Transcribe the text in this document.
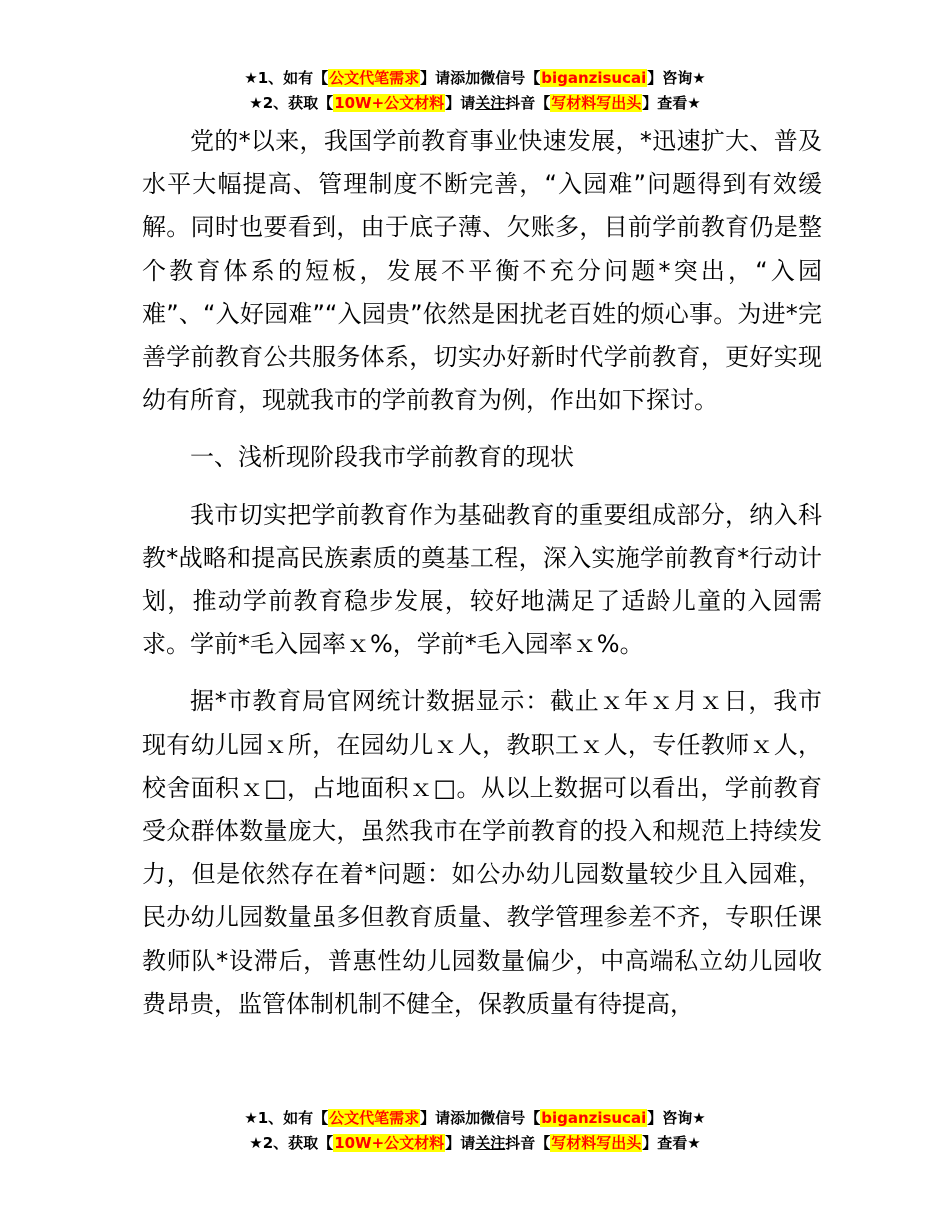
★1、如有【公文代笔需求】请添加微信号【biganzisucai】咨询★
★2、获取【10W+公文材料】请关注抖音【写材料写出头】查看★

党的*以来，我国学前教育事业快速发展，*迅速扩大、普及水平大幅提高、管理制度不断完善，“入园难”问题得到有效缓解。同时也要看到，由于底子薄、欠账多，目前学前教育仍是整个教育体系的短板，发展不平衡不充分问题*突出，“入园难”、“入好园难”“入园贵”依然是困扰老百姓的烦心事。为进*完善学前教育公共服务体系，切实办好新时代学前教育，更好实现幼有所育，现就我市的学前教育为例，作出如下探讨。

一、浅析现阶段我市学前教育的现状

我市切实把学前教育作为基础教育的重要组成部分，纳入科教*战略和提高民族素质的奠基工程，深入实施学前教育*行动计划，推动学前教育稳步发展，较好地满足了适龄儿童的入园需求。学前*毛入园率ｘ%，学前*毛入园率ｘ%。

据*市教育局官网统计数据显示：截止ｘ年ｘ月ｘ日，我市现有幼儿园ｘ所，在园幼儿ｘ人，教职工ｘ人，专任教师ｘ人，校舍面积ｘ□，占地面积ｘ□。从以上数据可以看出，学前教育受众群体数量庞大，虽然我市在学前教育的投入和规范上持续发力，但是依然存在着*问题：如公办幼儿园数量较少且入园难，民办幼儿园数量虽多但教育质量、教学管理参差不齐，专职任课教师队*设滞后，普惠性幼儿园数量偏少，中高端私立幼儿园收费昂贵，监管体制机制不健全，保教质量有待提高，

★1、如有【公文代笔需求】请添加微信号【biganzisucai】咨询★
★2、获取【10W+公文材料】请关注抖音【写材料写出头】查看★
